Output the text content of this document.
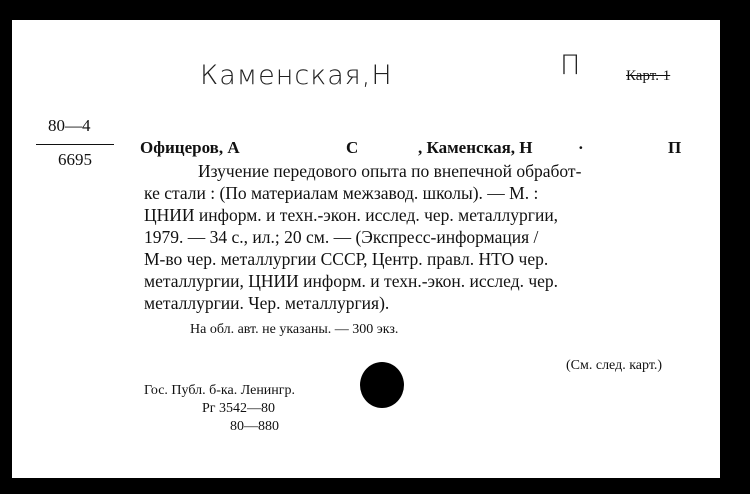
Каменская,Н	П	Карт. 1
80—4
6695

Офицеров, А

	С

	, Каменская, Н

	·

	П

Изучение передового опыта по внепечной обработ-
ке стали : (По материалам межзавод. школы). — М. :
ЦНИИ информ. и техн.-экон. исслед. чер. металлургии,
1979. — 34 с., ил.; 20 см. — (Экспресс-информация /
М-во чер. металлургии СССР, Центр. правл. НТО чер.
металлургии, ЦНИИ информ. и техн.-экон. исслед. чер.
металлургии. Чер. металлургия).
На обл. авт. не указаны. — 300 экз.
(См. след. карт.)
Гос. Публ. б-ка. Ленингр.
Рг 3542—80
80—880
